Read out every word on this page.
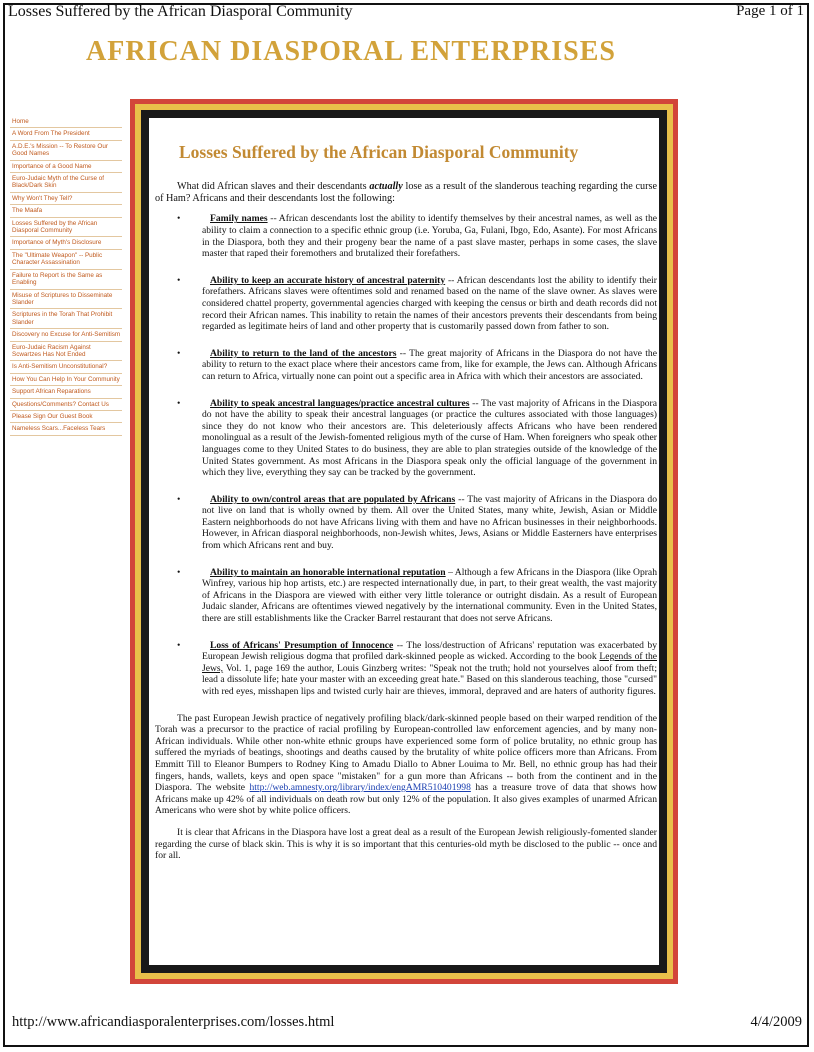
Losses Suffered by the African Diasporal Community	Page 1 of 1
AFRICAN DIASPORAL ENTERPRISES
Home
A Word From The President
A.D.E.'s Mission -- To Restore Our Good Names
Importance of a Good Name
Euro-Judaic Myth of the Curse of Black/Dark Skin
Why Won't They Tell?
The Maafa
Losses Suffered by the African Diasporal Community
Importance of Myth's Disclosure
The "Ultimate Weapon" -- Public Character Assassination
Failure to Report is the Same as Enabling
Misuse of Scriptures to Disseminate Slander
Scriptures in the Torah That Prohibit Slander
Discovery no Excuse for Anti-Semitism
Euro-Judaic Racism Against Scwartzes Has Not Ended
Is Anti-Semitism Unconstitutional?
How You Can Help In Your Community
Support African Reparations
Questions/Comments? Contact Us
Please Sign Our Guest Book
Nameless Scars...Faceless Tears
Losses Suffered by the African Diasporal Community

What did African slaves and their descendants actually lose as a result of the slanderous teaching regarding the curse of Ham? Africans and their descendants lost the following:

•	Family names -- African descendants lost the ability to identify themselves by their ancestral names, as well as the ability to claim a connection to a specific ethnic group (i.e. Yoruba, Ga, Fulani, Ibgo, Edo, Asante). For most Africans in the Diaspora, both they and their progeny bear the name of a past slave master, perhaps in some cases, the slave master that raped their foremothers and brutalized their forefathers.
•	Ability to keep an accurate history of ancestral paternity -- African descendants lost the ability to identify their forefathers. Africans slaves were oftentimes sold and renamed based on the name of the slave owner. As slaves were considered chattel property, governmental agencies charged with keeping the census or birth and death records did not record their African names. This inability to retain the names of their ancestors prevents their descendants from being regarded as legitimate heirs of land and other property that is customarily passed down from father to son.
•	Ability to return to the land of the ancestors -- The great majority of Africans in the Diaspora do not have the ability to return to the exact place where their ancestors came from, like for example, the Jews can. Although Africans can return to Africa, virtually none can point out a specific area in Africa with which their ancestors are associated.
•	Ability to speak ancestral languages/practice ancestral cultures -- The vast majority of Africans in the Diaspora do not have the ability to speak their ancestral languages (or practice the cultures associated with those languages) since they do not know who their ancestors are. This deleteriously affects Africans who have been rendered monolingual as a result of the Jewish-fomented religious myth of the curse of Ham. When foreigners who speak other languages come to they United States to do business, they are able to plan strategies outside of the knowledge of the United States government. As most Africans in the Diaspora speak only the official language of the government in which they live, everything they say can be tracked by the government.
•	Ability to own/control areas that are populated by Africans -- The vast majority of Africans in the Diaspora do not live on land that is wholly owned by them. All over the United States, many white, Jewish, Asian or Middle Eastern neighborhoods do not have Africans living with them and have no African businesses in their neighborhoods. However, in African diasporal neighborhoods, non-Jewish whites, Jews, Asians or Middle Easterners have enterprises from which Africans rent and buy.
•	Ability to maintain an honorable international reputation – Although a few Africans in the Diaspora (like Oprah Winfrey, various hip hop artists, etc.) are respected internationally due, in part, to their great wealth, the vast majority of Africans in the Diaspora are viewed with either very little tolerance or outright disdain. As a result of European Judaic slander, Africans are oftentimes viewed negatively by the international community. Even in the United States, there are still establishments like the Cracker Barrel restaurant that does not serve Africans.
•	Loss of Africans' Presumption of Innocence -- The loss/destruction of Africans' reputation was exacerbated by European Jewish religious dogma that profiled dark-skinned people as wicked. According to the book Legends of the Jews, Vol. 1, page 169 the author, Louis Ginzberg writes: "Speak not the truth; hold not yourselves aloof from theft; lead a dissolute life; hate your master with an exceeding great hate." Based on this slanderous teaching, those "cursed" with red eyes, misshapen lips and twisted curly hair are thieves, immoral, depraved and are haters of authority figures.

The past European Jewish practice of negatively profiling black/dark-skinned people based on their warped rendition of the Torah was a precursor to the practice of racial profiling by European-controlled law enforcement agencies, and by many non-African individuals. While other non-white ethnic groups have experienced some form of police brutality, no ethnic group has suffered the myriads of beatings, shootings and deaths caused by the brutality of white police officers more than Africans. From Emmitt Till to Eleanor Bumpers to Rodney King to Amadu Diallo to Abner Louima to Mr. Bell, no ethnic group has had their fingers, hands, wallets, keys and open space "mistaken" for a gun more than Africans -- both from the continent and in the Diaspora. The website http://web.amnesty.org/library/index/engAMR510401998 has a treasure trove of data that shows how Africans make up 42% of all individuals on death row but only 12% of the population. It also gives examples of unarmed African Americans who were shot by white police officers.

It is clear that Africans in the Diaspora have lost a great deal as a result of the European Jewish religiously-fomented slander regarding the curse of black skin. This is why it is so important that this centuries-old myth be disclosed to the public -- once and for all.

http://www.africandiasporalenterprises.com/losses.html	4/4/2009
